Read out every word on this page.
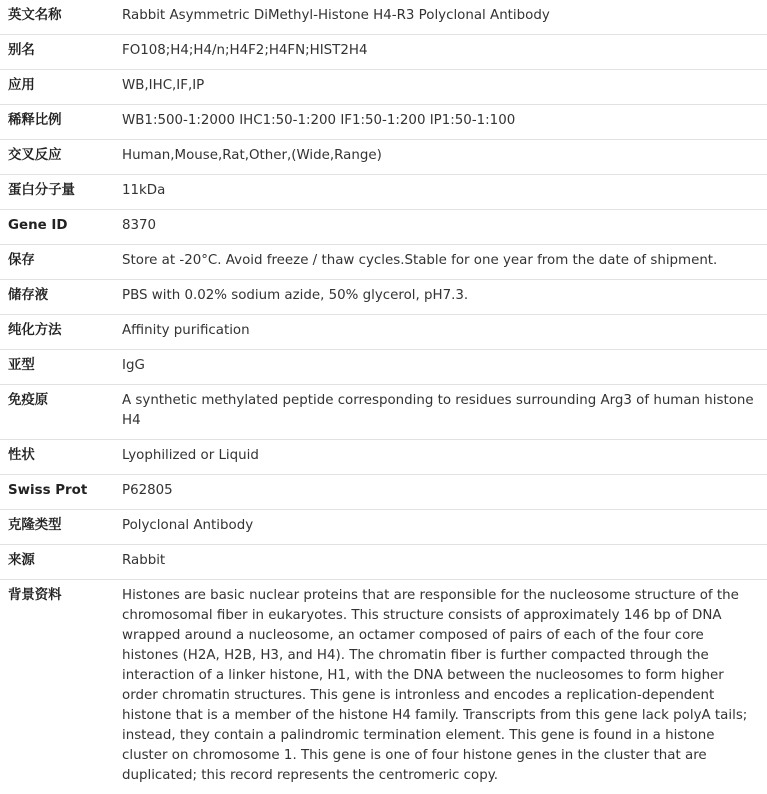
英文名称	Rabbit Asymmetric DiMethyl-Histone H4-R3 Polyclonal Antibody
别名	FO108;H4;H4/n;H4F2;H4FN;HIST2H4
应用	WB,IHC,IF,IP
稀释比例	WB1:500-1:2000 IHC1:50-1:200 IF1:50-1:200 IP1:50-1:100
交叉反应	Human,Mouse,Rat,Other,(Wide,Range)
蛋白分子量	11kDa
Gene ID	8370
保存	Store at -20°C. Avoid freeze / thaw cycles.Stable for one year from the date of shipment.
储存液	PBS with 0.02% sodium azide, 50% glycerol, pH7.3.
纯化方法	Affinity purification
亚型	IgG
免疫原	A synthetic methylated peptide corresponding to residues surrounding Arg3 of human histone H4
性状	Lyophilized or Liquid
Swiss Prot	P62805
克隆类型	Polyclonal Antibody
来源	Rabbit
背景资料	Histones are basic nuclear proteins that are responsible for the nucleosome structure of the chromosomal fiber in eukaryotes. This structure consists of approximately 146 bp of DNA wrapped around a nucleosome, an octamer composed of pairs of each of the four core histones (H2A, H2B, H3, and H4). The chromatin fiber is further compacted through the interaction of a linker histone, H1, with the DNA between the nucleosomes to form higher order chromatin structures. This gene is intronless and encodes a replication-dependent histone that is a member of the histone H4 family. Transcripts from this gene lack polyA tails; instead, they contain a palindromic termination element. This gene is found in a histone cluster on chromosome 1. This gene is one of four histone genes in the cluster that are duplicated; this record represents the centromeric copy.
